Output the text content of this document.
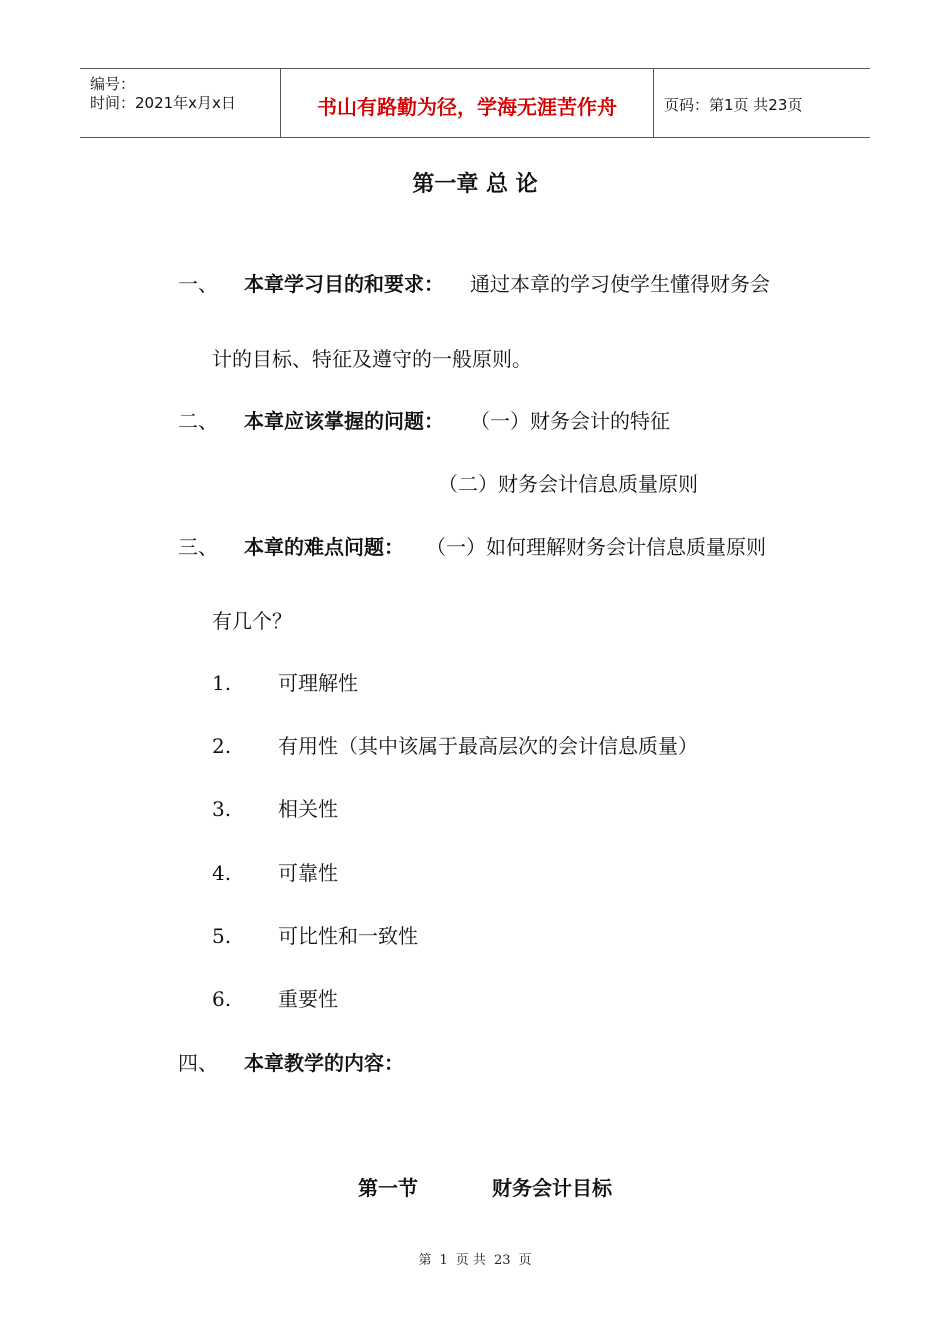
编号：
时间：2021年x月x日	书山有路勤为径，学海无涯苦作舟	页码：第1页 共23页
第一章 总 论
一、 本章学习目的和要求： 通过本章的学习使学生懂得财务会
计的目标、特征及遵守的一般原则。
二、 本章应该掌握的问题： （一）财务会计的特征
（二）财务会计信息质量原则
三、 本章的难点问题： （一）如何理解财务会计信息质量原则
有几个？
1. 可理解性
2. 有用性（其中该属于最高层次的会计信息质量）
3. 相关性
4. 可靠性
5. 可比性和一致性
6. 重要性
四、 本章教学的内容：
第一节	财务会计目标
第 1 页 共 23 页
